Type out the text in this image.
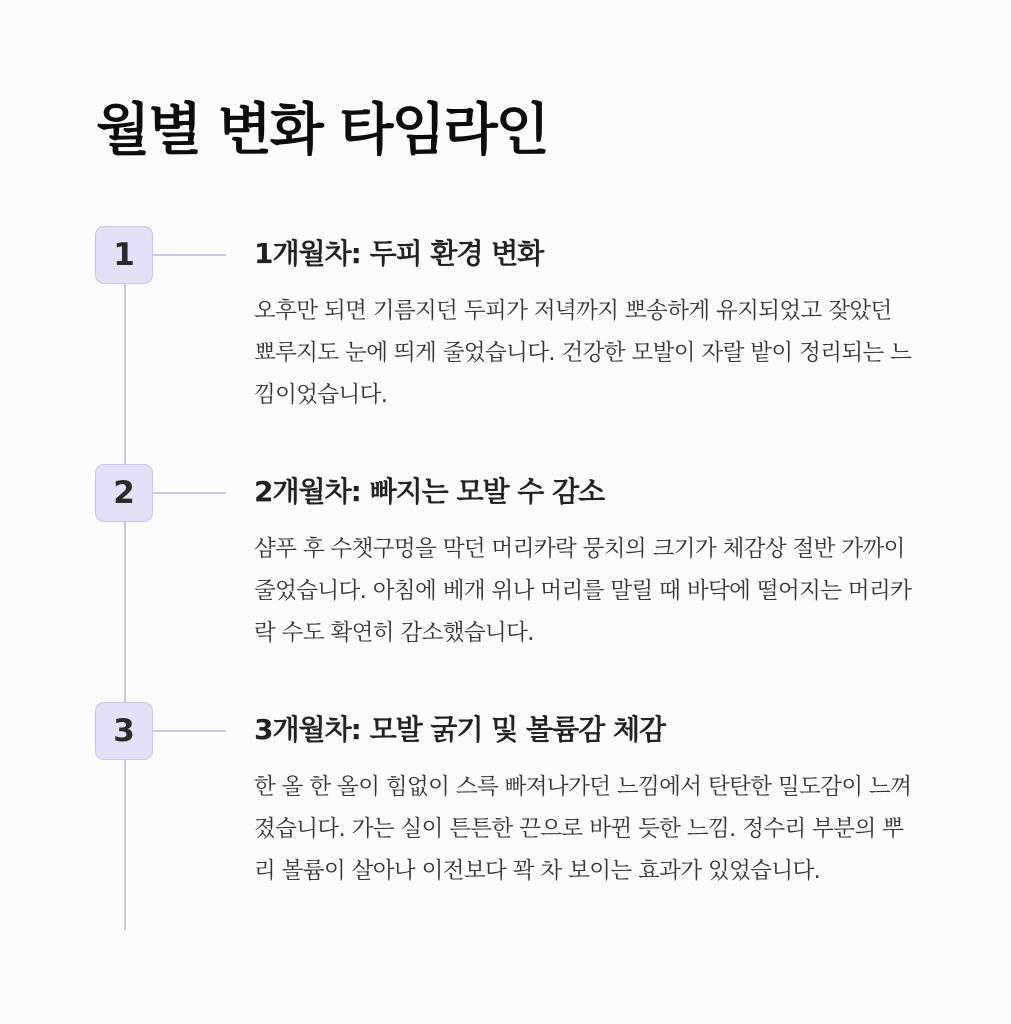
월별 변화 타임라인
1	1개월차: 두피 환경 변화

오후만 되면 기름지던 두피가 저녁까지 뽀송하게 유지되었고 잦았던 뾰루지도 눈에 띄게 줄었습니다. 건강한 모발이 자랄 밭이 정리되는 느낌이었습니다.

2	2개월차: 빠지는 모발 수 감소

샴푸 후 수챗구멍을 막던 머리카락 뭉치의 크기가 체감상 절반 가까이 줄었습니다. 아침에 베개 위나 머리를 말릴 때 바닥에 떨어지는 머리카락 수도 확연히 감소했습니다.

3	3개월차: 모발 굵기 및 볼륨감 체감

한 올 한 올이 힘없이 스륵 빠져나가던 느낌에서 탄탄한 밀도감이 느껴졌습니다. 가는 실이 튼튼한 끈으로 바뀐 듯한 느낌. 정수리 부분의 뿌리 볼륨이 살아나 이전보다 꽉 차 보이는 효과가 있었습니다.
